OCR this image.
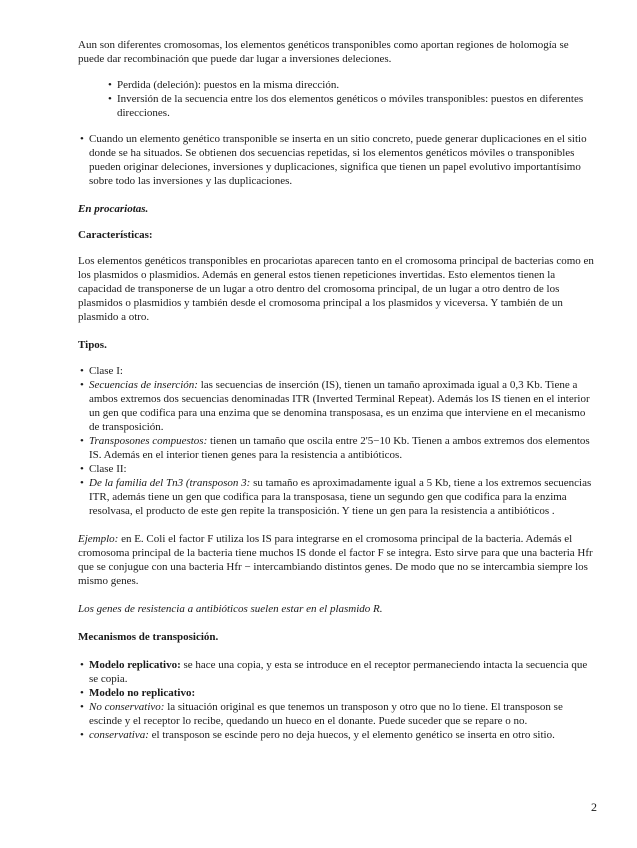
Aun son diferentes cromosomas, los elementos genéticos transponibles como aportan regiones de holomogía se puede dar recombinación que puede dar lugar a inversiones deleciones.

• Perdida (deleción): puestos en la misma dirección.
• Inversión de la secuencia entre los dos elementos genéticos o móviles transponibles: puestos en diferentes direcciones.
• Cuando un elemento genético transponible se inserta en un sitio concreto, puede generar duplicaciones en el sitio donde se ha situados. Se obtienen dos secuencias repetidas, si los elementos genéticos móviles o transponibles pueden originar deleciones, inversiones y duplicaciones, significa que tienen un papel evolutivo importantísimo sobre todo las inversiones y las duplicaciones.

En procariotas.

Características:

Los elementos genéticos transponibles en procariotas aparecen tanto en el cromosoma principal de bacterias como en los plasmidos o plasmidios. Además en general estos tienen repeticiones invertidas. Esto elementos tienen la capacidad de transponerse de un lugar a otro dentro del cromosoma principal, de un lugar a otro dentro de los plasmidos o plasmidios y también desde el cromosoma principal a los plasmidos y viceversa. Y también de un plasmido a otro.

Tipos.

• Clase I:
• Secuencias de inserción: las secuencias de inserción (IS), tienen un tamaño aproximada igual a 0,3 Kb. Tiene a ambos extremos dos secuencias denominadas ITR (Inverted Terminal Repeat). Además los IS tienen en el interior un gen que codifica para una enzima que se denomina transposasa, es un enzima que interviene en el mecanismo de transposición.
• Transposones compuestos: tienen un tamaño que oscila entre 2'5−10 Kb. Tienen a ambos extremos dos elementos IS. Además en el interior tienen genes para la resistencia a antibióticos.
• Clase II:
• De la familia del Tn3 (transposon 3: su tamaño es aproximadamente igual a 5 Kb, tiene a los extremos secuencias ITR, además tiene un gen que codifica para la transposasa, tiene un segundo gen que codifica para la enzima resolvasa, el producto de este gen repite la transposición. Y tiene un gen para la resistencia a antibióticos .

Ejemplo: en E. Coli el factor F utiliza los IS para integrarse en el cromosoma principal de la bacteria. Además el cromosoma principal de la bacteria tiene muchos IS donde el factor F se integra. Esto sirve para que una bacteria Hfr que se conjugue con una bacteria Hfr − intercambiando distintos genes. De modo que no se intercambia siempre los mismo genes.

Los genes de resistencia a antibióticos suelen estar en el plasmido R.

Mecanismos de transposición.

• Modelo replicativo: se hace una copia, y esta se introduce en el receptor permaneciendo intacta la secuencia que se copia.
• Modelo no replicativo:
• No conservativo: la situación original es que tenemos un transposon y otro que no lo tiene. El transposon se escinde y el receptor lo recibe, quedando un hueco en el donante. Puede suceder que se repare o no.
• conservativa: el transposon se escinde pero no deja huecos, y el elemento genético se inserta en otro sitio.
2
